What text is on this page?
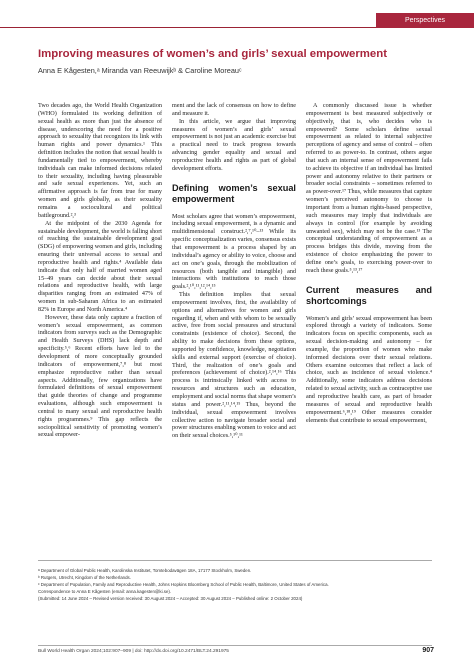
Perspectives
Improving measures of women’s and girls’ sexual empowerment
Anna E Kågesten,ᵃ Miranda van Reeuwijkᵇ & Caroline Moreauᶜ

Two decades ago, the World Health Organization (WHO) formulated its working definition of sexual health as more than just the absence of disease, underscoring the need for a positive approach to sexuality that recognizes its link with human rights and power dynamics.¹ This definition includes the notion that sexual health is fundamentally tied to empowerment, whereby individuals can make informed decisions related to their sexuality, including having pleasurable and safe sexual experiences. Yet, such an affirmative approach is far from true for many women and girls globally, as their sexuality remains a sociocultural and political battleground.²,³

At the midpoint of the 2030 Agenda for sustainable development, the world is falling short of reaching the sustainable development goal (SDG) of empowering women and girls, including ensuring their universal access to sexual and reproductive health and rights.⁴ Available data indicate that only half of married women aged 15–49 years can decide about their sexual relations and reproductive health, with large disparities ranging from an estimated 47% of women in sub-Saharan Africa to an estimated 82% in Europe and North America.⁴

However, these data only capture a fraction of women’s sexual empowerment, as common indicators from surveys such as the Demographic and Health Surveys (DHS) lack depth and specificity.⁵,⁶ Recent efforts have led to the development of more conceptually grounded indicators of empowerment,⁷,⁸ but most emphasize reproductive rather than sexual aspects. Additionally, few organizations have formulated definitions of sexual empowerment that guide theories of change and programme evaluations, although such empowerment is central to many sexual and reproductive health rights programmes.⁹ This gap reflects the sociopolitical sensitivity of promoting women’s sexual empower-

ment and the lack of consensus on how to define and measure it.

In this article, we argue that improving measures of women’s and girls’ sexual empowerment is not just an academic exercise but a practical need to track progress towards advancing gender equality and sexual and reproductive health and rights as part of global development efforts.

Defining women’s sexual empowerment

Most scholars agree that women’s empowerment, including sexual empowerment, is a dynamic and multidimensional construct.²,⁷,¹⁰–¹³ While its specific conceptualization varies, consensus exists that empowerment is a process shaped by an individual’s agency or ability to voice, choose and act on one’s goals, through the mobilization of resources (both tangible and intangible) and interactions with institutions to reach those goals.²,¹⁰,¹¹,¹²,¹⁴,¹⁵

This definition implies that sexual empowerment involves, first, the availability of options and alternatives for women and girls regarding if, when and with whom to be sexually active, free from social pressures and structural constraints (existence of choice). Second, the ability to make decisions from these options, supported by confidence, knowledge, negotiation skills and external support (exercise of choice). Third, the realization of one’s goals and preferences (achievement of choice).²,¹⁴,¹⁶ This process is intrinsically linked with access to resources and structures such as education, employment and social norms that shape women’s status and power.²,¹¹,¹⁴,¹⁵ Thus, beyond the individual, sexual empowerment involves collective action to navigate broader social and power structures enabling women to voice and act on their sexual choices.⁵,¹⁰,¹¹

A commonly discussed issue is whether empowerment is best measured subjectively or objectively, that is, who decides who is empowered? Some scholars define sexual empowerment as related to internal subjective perceptions of agency and sense of control – often referred to as power-to. In contrast, others argue that such an internal sense of empowerment fails to achieve its objective if an individual has limited power and autonomy relative to their partners or broader social constraints – sometimes referred to as power-over.¹⁷ Thus, while measures that capture women’s perceived autonomy to choose is important from a human rights-based perspective, such measures may imply that individuals are always in control (for example by avoiding unwanted sex), which may not be the case.¹³ The conceptual understanding of empowerment as a process bridges this divide, moving from the existence of choice emphasizing the power to define one’s goals, to exercising power-over to reach these goals.⁵,¹³,¹⁷

Current measures and shortcomings

Women’s and girls’ sexual empowerment has been explored through a variety of indicators. Some indicators focus on specific components, such as sexual decision-making and autonomy – for example, the proportion of women who make informed decisions over their sexual relations. Others examine outcomes that reflect a lack of choice, such as incidence of sexual violence.⁴ Additionally, some indicators address decisions related to sexual activity, such as contraceptive use and reproductive health care, as part of broader measures of sexual and reproductive health empowerment.⁶,¹⁸,¹⁹ Other measures consider elements that contribute to sexual empowerment,

ᵃ Department of Global Public Health, Karolinska Institutet, Tomtebodavägen 18A, 17177 Stockholm, Sweden.
ᵇ Rutgers, Utrecht, Kingdom of the Netherlands.
ᶜ Department of Population, Family and Reproductive Health, Johns Hopkins Bloomberg School of Public Health, Baltimore, United States of America.
Correspondence to Anna E Kågesten (email: anna.kagesten@ki.se).
(Submitted: 14 June 2024 – Revised version received: 30 August 2024 – Accepted: 30 August 2024 – Published online: 2 October 2024)
Bull World Health Organ 2024;102:907–909 | doi: http://dx.doi.org/10.2471/BLT.24.291975	907
